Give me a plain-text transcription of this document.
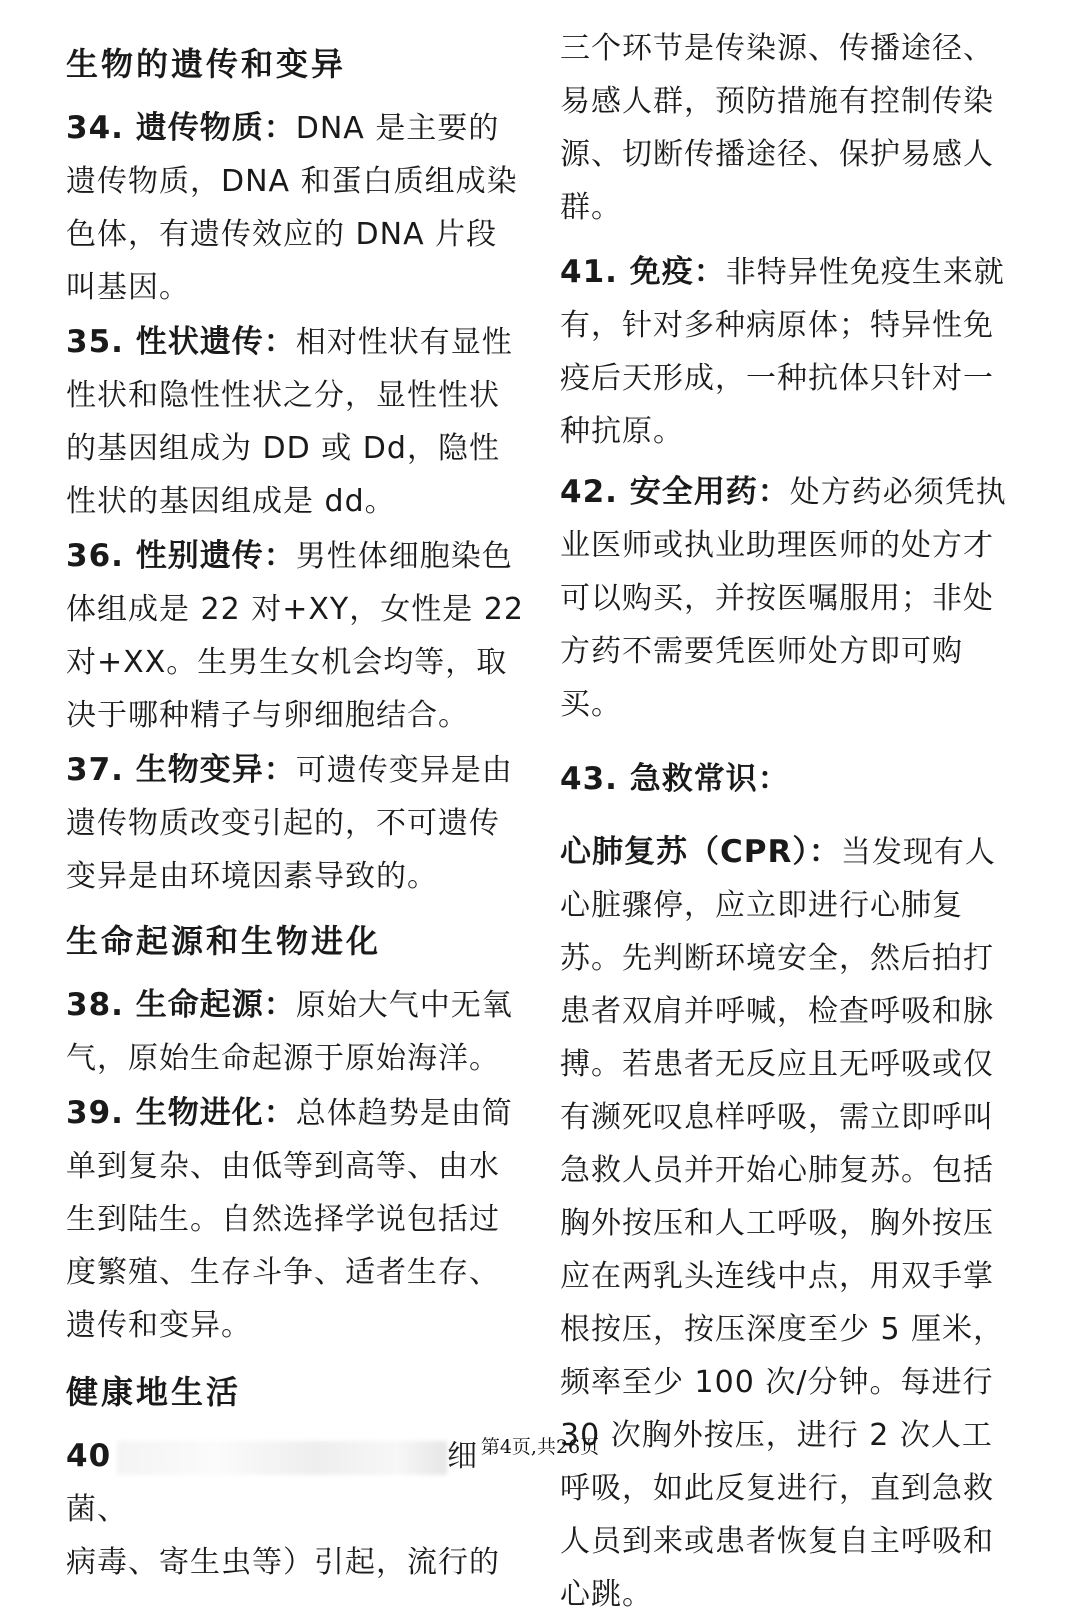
生物的遗传和变异
34. 遗传物质：DNA 是主要的遗传物质，DNA 和蛋白质组成染色体，有遗传效应的 DNA 片段叫基因。
35. 性状遗传：相对性状有显性性状和隐性性状之分，显性性状的基因组成为 DD 或 Dd，隐性性状的基因组成是 dd。
36. 性别遗传：男性体细胞染色体组成是 22 对+XY，女性是 22 对+XX。生男生女机会均等，取决于哪种精子与卵细胞结合。
37. 生物变异：可遗传变异是由遗传物质改变引起的，不可遗传变异是由环境因素导致的。
生命起源和生物进化
38. 生命起源：原始大气中无氧气，原始生命起源于原始海洋。
39. 生物进化：总体趋势是由简单到复杂、由低等到高等、由水生到陆生。自然选择学说包括过度繁殖、生存斗争、适者生存、遗传和变异。
健康地生活
40	细菌、
病毒、寄生虫等）引起，流行的
三个环节是传染源、传播途径、易感人群，预防措施有控制传染源、切断传播途径、保护易感人群。
41. 免疫：非特异性免疫生来就有，针对多种病原体；特异性免疫后天形成，一种抗体只针对一种抗原。
42. 安全用药：处方药必须凭执业医师或执业助理医师的处方才可以购买，并按医嘱服用；非处方药不需要凭医师处方即可购买。
43. 急救常识：
心肺复苏（CPR）：当发现有人心脏骤停，应立即进行心肺复苏。先判断环境安全，然后拍打患者双肩并呼喊，检查呼吸和脉搏。若患者无反应且无呼吸或仅有濒死叹息样呼吸，需立即呼叫急救人员并开始心肺复苏。包括胸外按压和人工呼吸，胸外按压应在两乳头连线中点，用双手掌根按压，按压深度至少 5 厘米，频率至少 100 次/分钟。每进行 30 次胸外按压，进行 2 次人工呼吸，如此反复进行，直到急救人员到来或患者恢复自主呼吸和心跳。
第4页,共26页
